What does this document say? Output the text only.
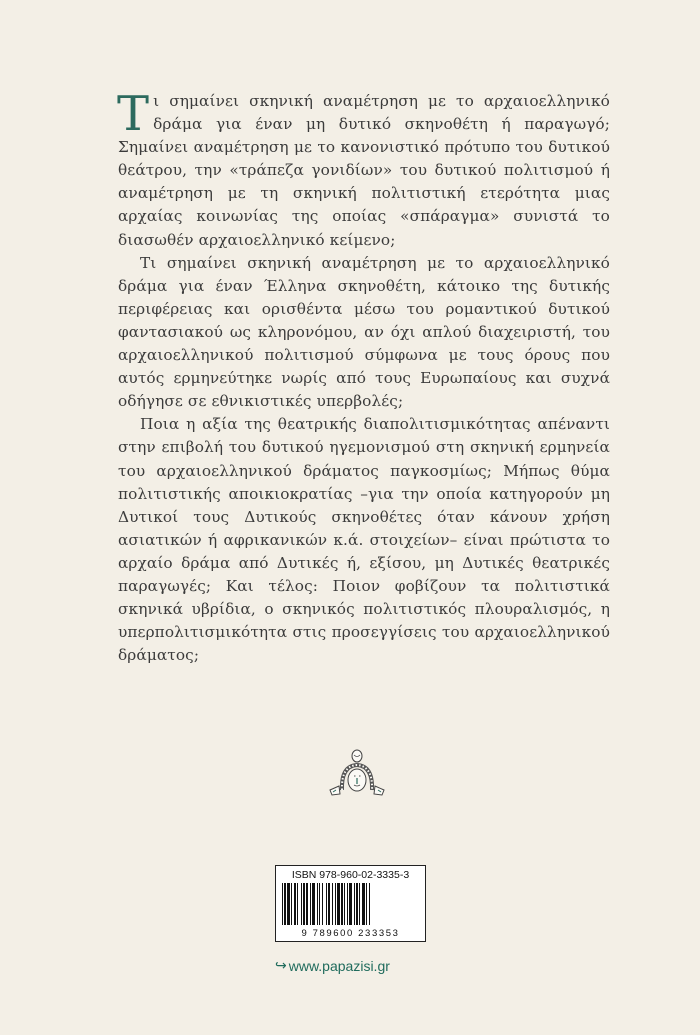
Τι σημαίνει σκηνική αναμέτρηση με το αρχαιοελληνικό δράμα για έναν μη δυτικό σκηνοθέτη ή παραγωγό; Σημαίνει αναμέτρηση με το κανονιστικό πρότυπο του δυτικού θεάτρου, την «τράπεζα γονιδίων» του δυτικού πολιτισμού ή αναμέτρηση με τη σκηνική πολιτιστική ετερότητα μιας αρχαίας κοινωνίας της οποίας «σπάραγμα» συνιστά το διασωθέν αρχαιοελληνικό κείμενο;

Τι σημαίνει σκηνική αναμέτρηση με το αρχαιοελληνικό δράμα για έναν Έλληνα σκηνοθέτη, κάτοικο της δυτικής περιφέρειας και ορισθέντα μέσω του ρομαντικού δυτικού φαντασιακού ως κληρονόμου, αν όχι απλού διαχειριστή, του αρχαιοελληνικού πολιτισμού σύμφωνα με τους όρους που αυτός ερμηνεύτηκε νωρίς από τους Ευρωπαίους και συχνά οδήγησε σε εθνικιστικές υπερβολές;

Ποια η αξία της θεατρικής διαπολιτισμικότητας απέναντι στην επιβολή του δυτικού ηγεμονισμού στη σκηνική ερμηνεία του αρχαιοελληνικού δράματος παγκοσμίως; Μήπως θύμα πολιτιστικής αποικιοκρατίας –για την οποία κατηγορούν μη Δυτικοί τους Δυτικούς σκηνοθέτες όταν κάνουν χρήση ασιατικών ή αφρικανικών κ.ά. στοιχείων– είναι πρώτιστα το αρχαίο δράμα από Δυτικές ή, εξίσου, μη Δυτικές θεατρικές παραγωγές; Και τέλος: Ποιον φοβίζουν τα πολιτιστικά σκηνικά υβρίδια, ο σκηνικός πολιτιστικός πλουραλισμός, η υπερπολιτισμικότητα στις προσεγγίσεις του αρχαιοελληνικού δράματος;

ISBN 978-960-02-3335-3
9 789600 233353
↪ www.papazisi.gr
